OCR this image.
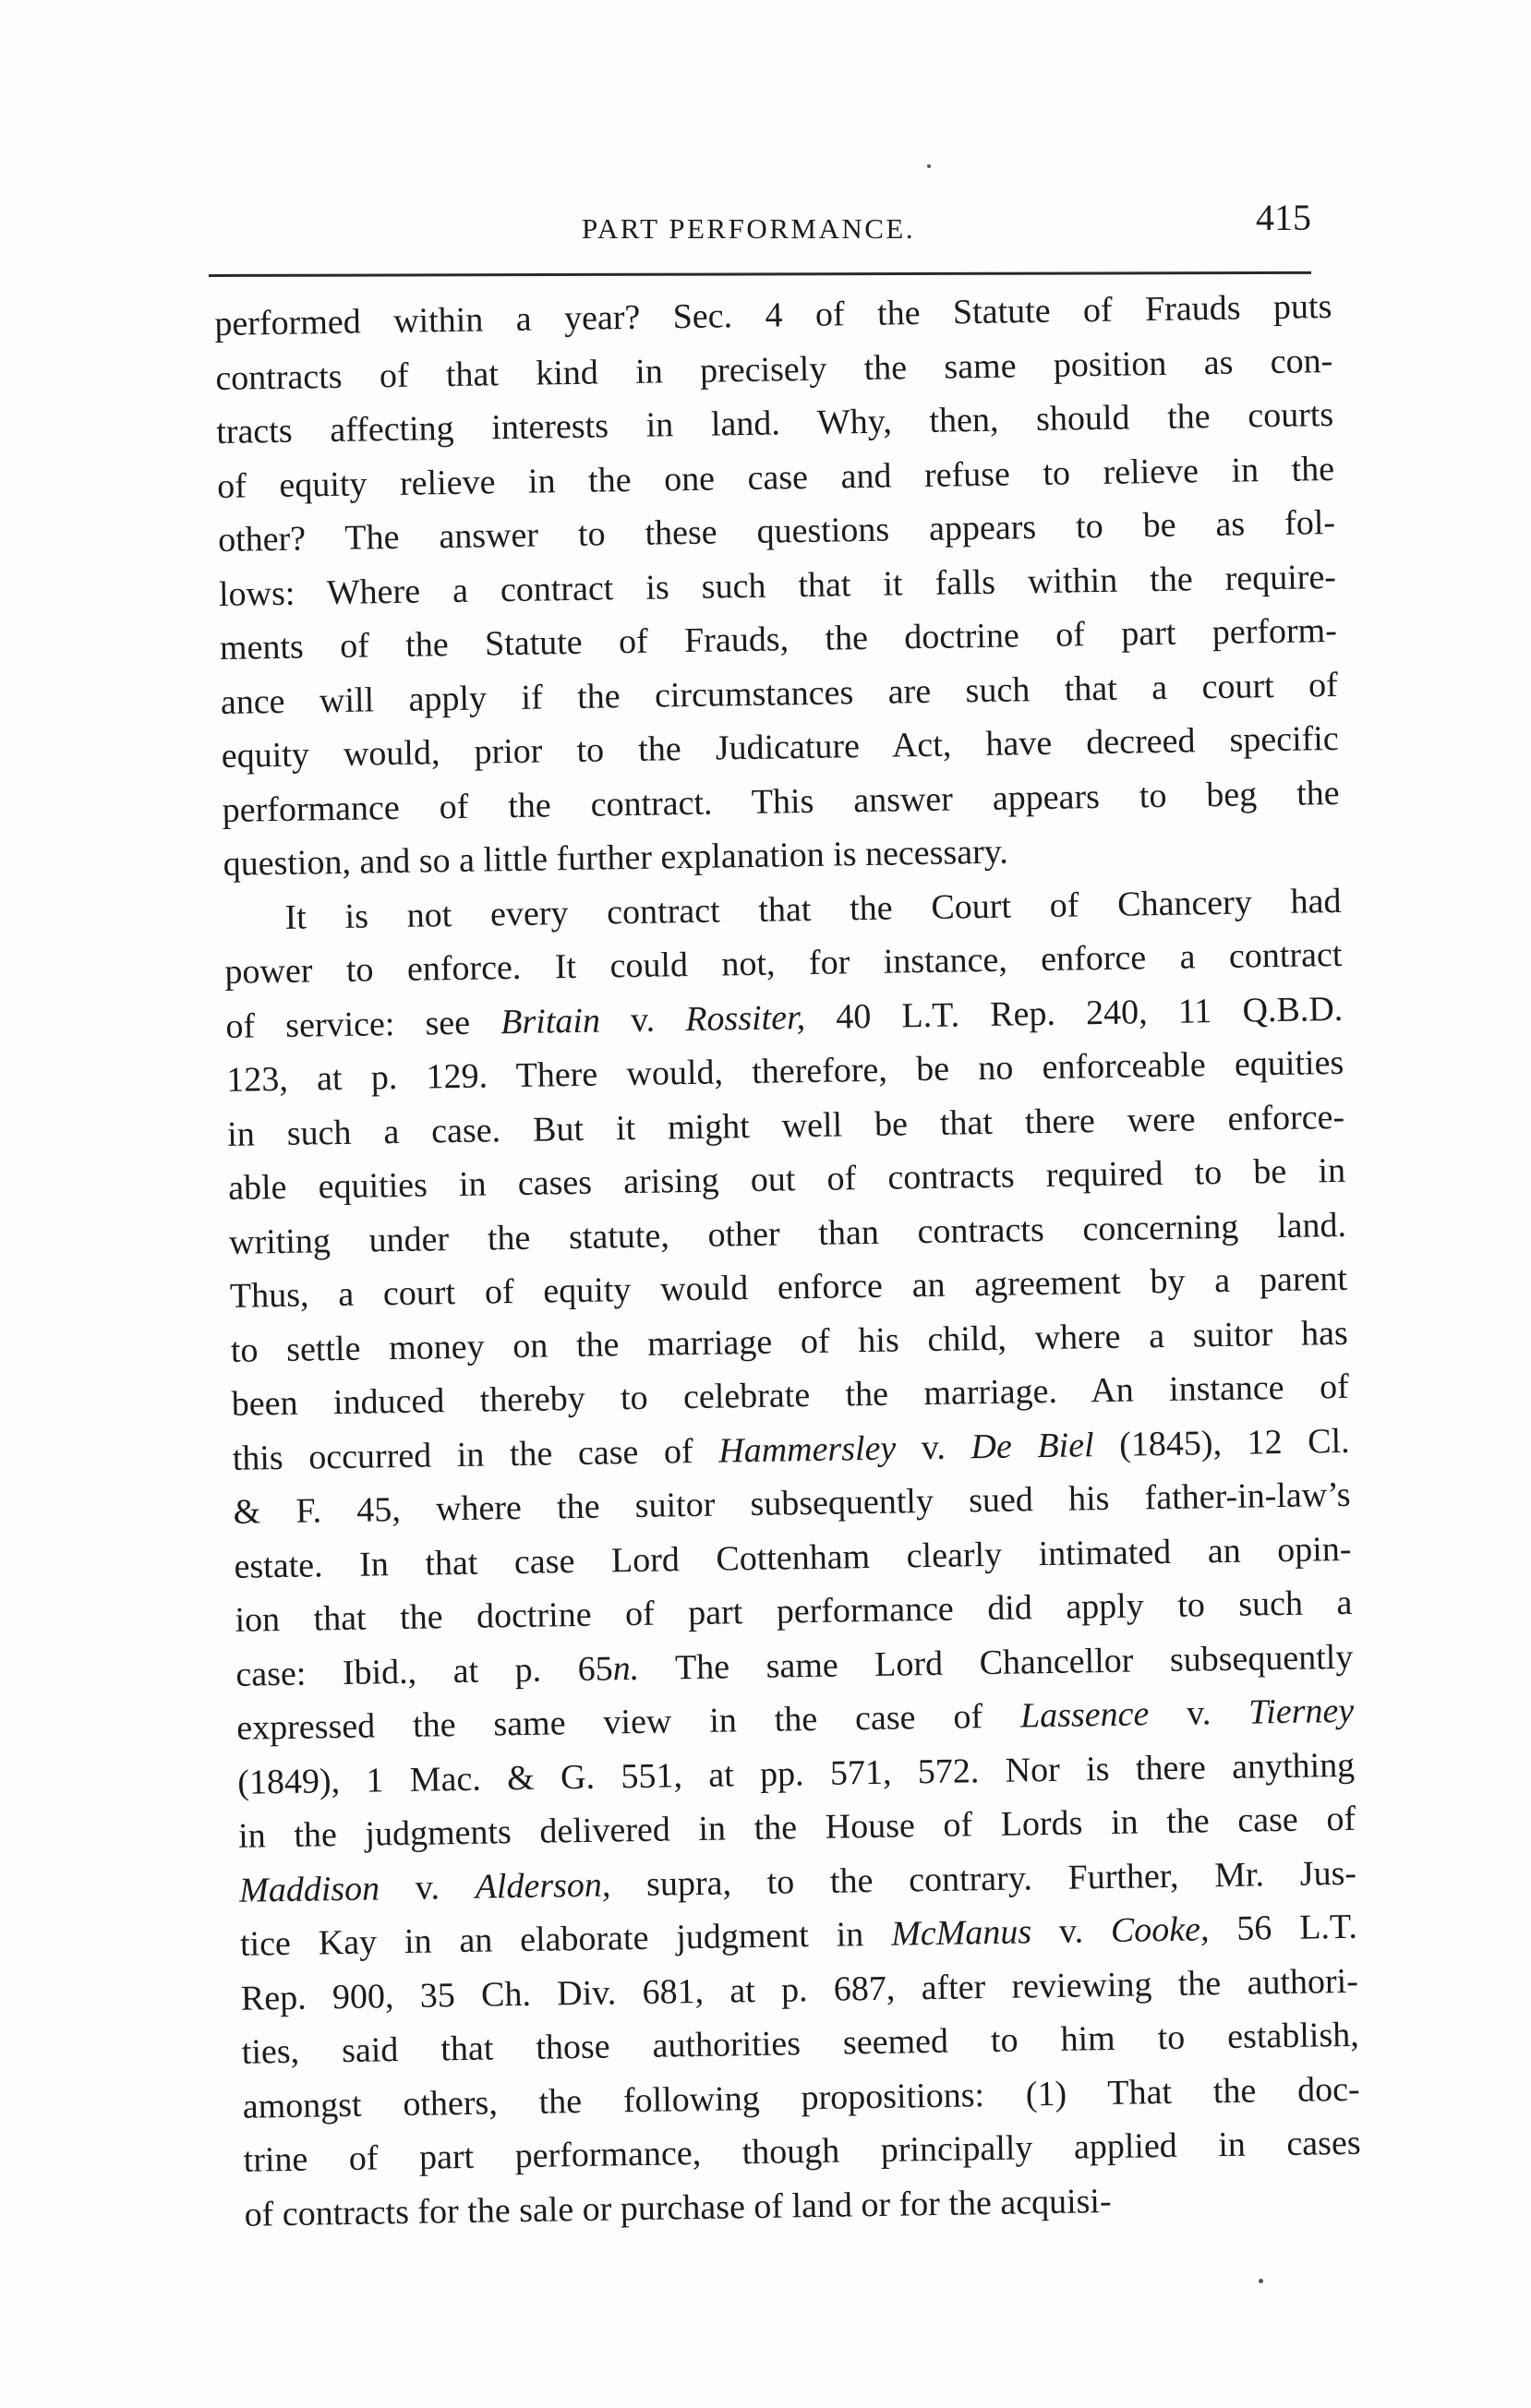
PART PERFORMANCE.	415
performed within a year? Sec. 4 of the Statute of Frauds puts
contracts of that kind in precisely the same position as con-
tracts affecting interests in land. Why, then, should the courts
of equity relieve in the one case and refuse to relieve in the
other? The answer to these questions appears to be as fol-
lows: Where a contract is such that it falls within the require-
ments of the Statute of Frauds, the doctrine of part perform-
ance will apply if the circumstances are such that a court of
equity would, prior to the Judicature Act, have decreed specific
performance of the contract. This answer appears to beg the
question, and so a little further explanation is necessary.
It is not every contract that the Court of Chancery had
power to enforce. It could not, for instance, enforce a contract
of service: see Britain v. Rossiter, 40 L.T. Rep. 240, 11 Q.B.D.
123, at p. 129. There would, therefore, be no enforceable equities
in such a case. But it might well be that there were enforce-
able equities in cases arising out of contracts required to be in
writing under the statute, other than contracts concerning land.
Thus, a court of equity would enforce an agreement by a parent
to settle money on the marriage of his child, where a suitor has
been induced thereby to celebrate the marriage. An instance of
this occurred in the case of Hammersley v. De Biel (1845), 12 Cl.
& F. 45, where the suitor subsequently sued his father-in-law’s
estate. In that case Lord Cottenham clearly intimated an opin-
ion that the doctrine of part performance did apply to such a
case: Ibid., at p. 65n. The same Lord Chancellor subsequently
expressed the same view in the case of Lassence v. Tierney
(1849), 1 Mac. & G. 551, at pp. 571, 572. Nor is there anything
in the judgments delivered in the House of Lords in the case of
Maddison v. Alderson, supra, to the contrary. Further, Mr. Jus-
tice Kay in an elaborate judgment in McManus v. Cooke, 56 L.T.
Rep. 900, 35 Ch. Div. 681, at p. 687, after reviewing the authori-
ties, said that those authorities seemed to him to establish,
amongst others, the following propositions: (1) That the doc-
trine of part performance, though principally applied in cases
of contracts for the sale or purchase of land or for the acquisi-
